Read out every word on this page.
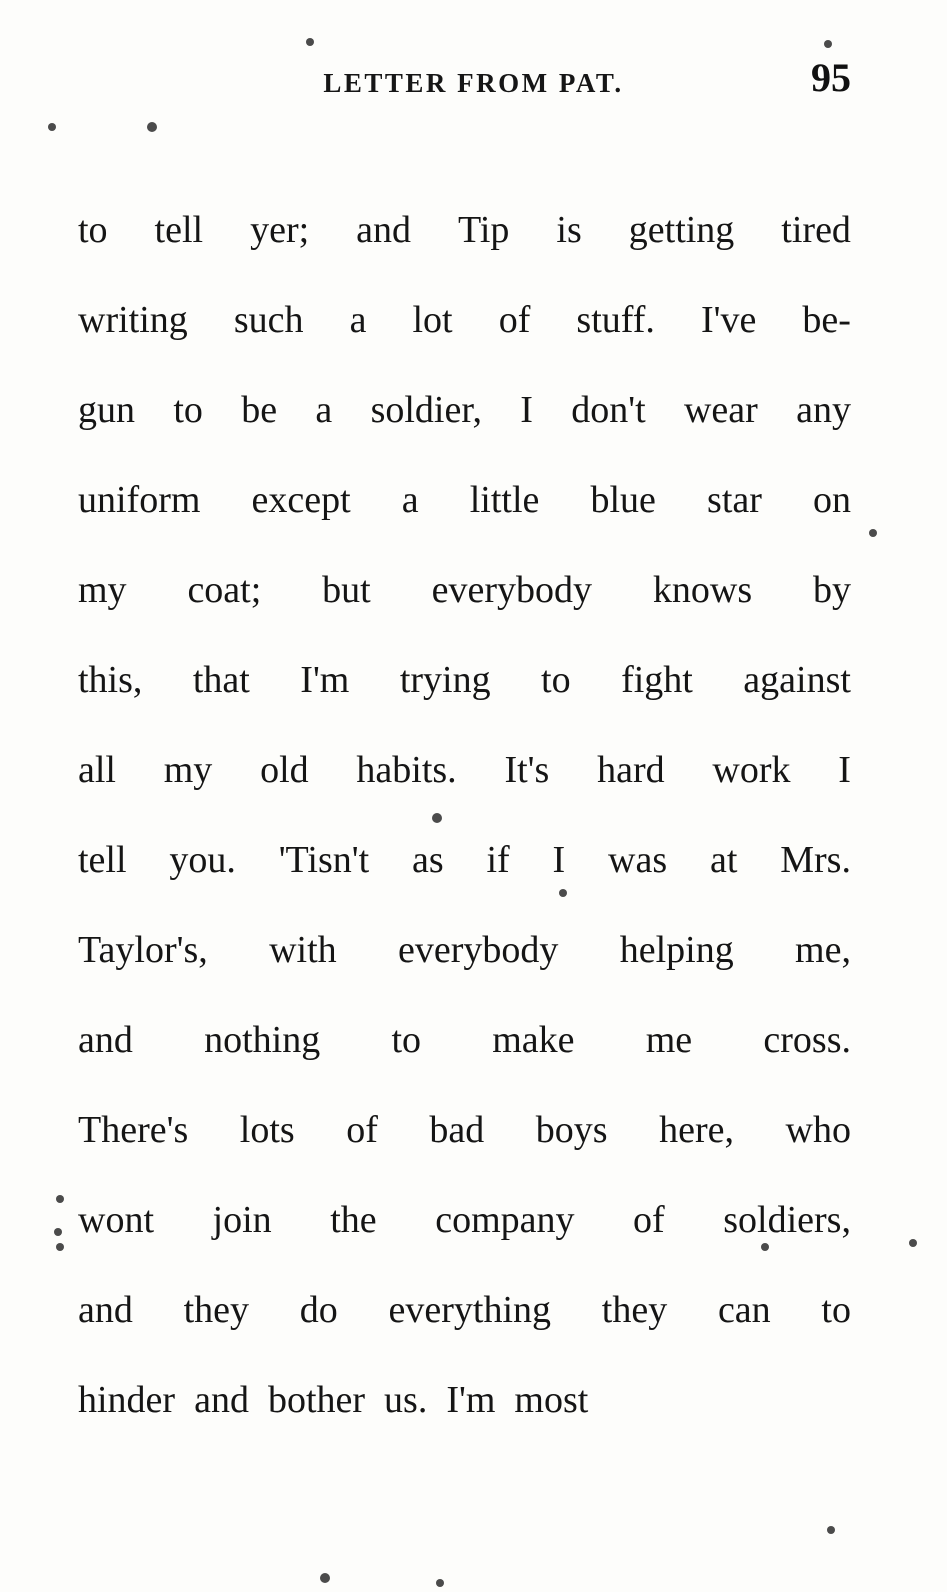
LETTER FROM PAT.	95
to tell yer; and Tip is getting tired
writing such a lot of stuff. I've be-
gun to be a soldier, I don't wear any
uniform except a little blue star on
my coat; but everybody knows by
this, that I'm trying to fight against
all my old habits. It's hard work I
tell you. 'Tisn't as if I was at Mrs.
Taylor's, with everybody helping me,
and nothing to make me cross.
There's lots of bad boys here, who
wont join the company of soldiers,
and they do everything they can to
hinder
and
bother
us.
I'm
most
